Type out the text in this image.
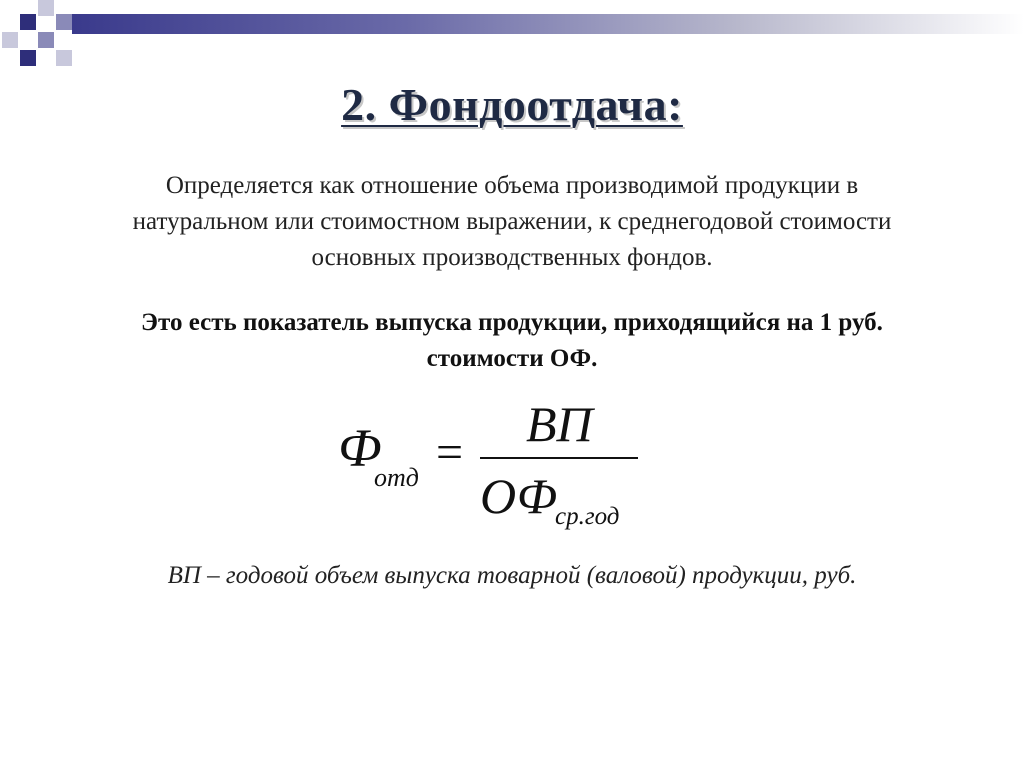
2. Фондоотдача:
Определяется как отношение объема производимой продукции в
натуральном или стоимостном выражении, к среднегодовой стоимости
основных производственных фондов.
Это есть показатель выпуска продукции, приходящийся на 1 руб.
стоимости ОФ.
Ф
отд =
ВП
ОФ
ср.год
ВП – годовой объем выпуска товарной (валовой) продукции, руб.
